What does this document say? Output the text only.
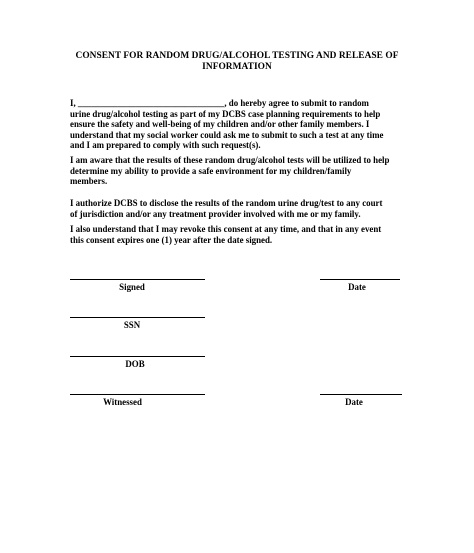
CONSENT FOR RANDOM DRUG/ALCOHOL TESTING AND RELEASE OF
INFORMATION

I, _________________________________, do hereby agree to submit to random
urine drug/alcohol testing as part of my DCBS case planning requirements to help
ensure the safety and well-being of my children and/or other family members. I
understand that my social worker could ask me to submit to such a test at any time
and I am prepared to comply with such request(s).

I am aware that the results of these random drug/alcohol tests will be utilized to help
determine my ability to provide a safe environment for my children/family
members.

I authorize DCBS to disclose the results of the random urine drug/test to any court
of jurisdiction and/or any treatment provider involved with me or my family.

I also understand that I may revoke this consent at any time, and that in any event
this consent expires one (1) year after the date signed.

Signed	Date
SSN
DOB
Witnessed	Date
